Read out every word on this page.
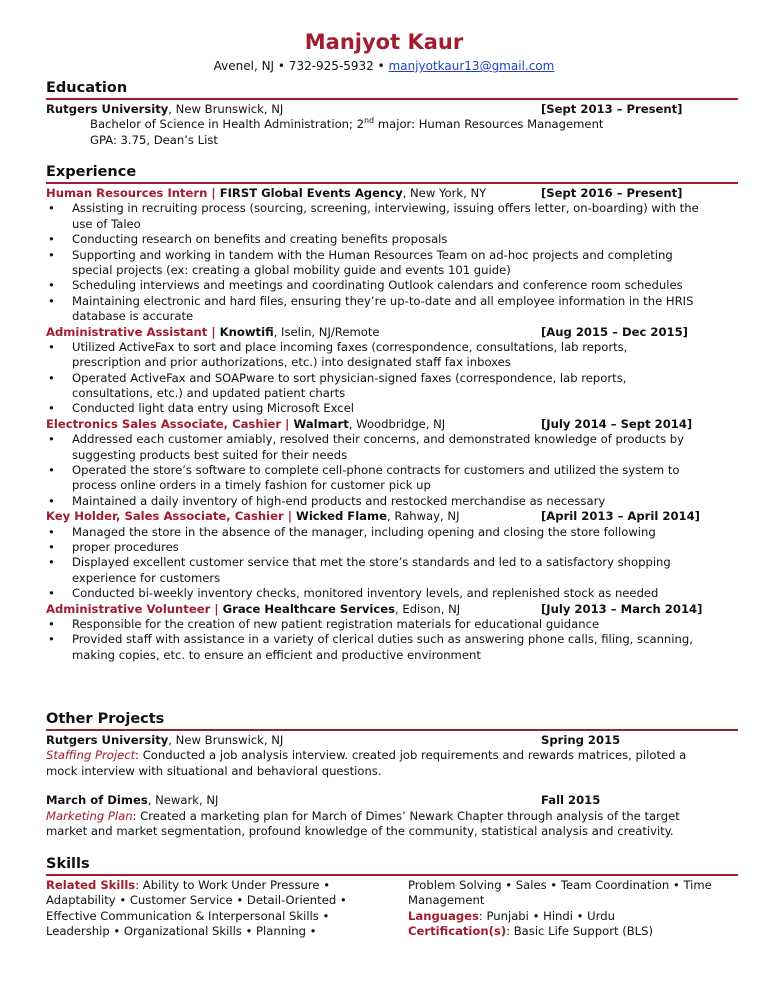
Manjyot Kaur
Avenel, NJ • 732-925-5932 • manjyotkaur13@gmail.com
Education
Rutgers University, New Brunswick, NJ	[Sept 2013 – Present]
Bachelor of Science in Health Administration; 2nd major: Human Resources Management
GPA: 3.75, Dean’s List
Experience
Human Resources Intern | FIRST Global Events Agency, New York, NY	[Sept 2016 – Present]
• Assisting in recruiting process (sourcing, screening, interviewing, issuing offers letter, on-boarding) with the
use of Taleo
• Conducting research on benefits and creating benefits proposals
• Supporting and working in tandem with the Human Resources Team on ad-hoc projects and completing
special projects (ex: creating a global mobility guide and events 101 guide)
• Scheduling interviews and meetings and coordinating Outlook calendars and conference room schedules
• Maintaining electronic and hard files, ensuring they’re up-to-date and all employee information in the HRIS
database is accurate
Administrative Assistant | Knowtifi, Iselin, NJ/Remote	[Aug 2015 – Dec 2015]
• Utilized ActiveFax to sort and place incoming faxes (correspondence, consultations, lab reports,
prescription and prior authorizations, etc.) into designated staff fax inboxes
• Operated ActiveFax and SOAPware to sort physician-signed faxes (correspondence, lab reports,
consultations, etc.) and updated patient charts
• Conducted light data entry using Microsoft Excel
Electronics Sales Associate, Cashier | Walmart, Woodbridge, NJ	[July 2014 – Sept 2014]
• Addressed each customer amiably, resolved their concerns, and demonstrated knowledge of products by
suggesting products best suited for their needs
• Operated the store’s software to complete cell-phone contracts for customers and utilized the system to
process online orders in a timely fashion for customer pick up
• Maintained a daily inventory of high-end products and restocked merchandise as necessary
Key Holder, Sales Associate, Cashier | Wicked Flame, Rahway, NJ	[April 2013 – April 2014]
• Managed the store in the absence of the manager, including opening and closing the store following
• proper procedures
• Displayed excellent customer service that met the store’s standards and led to a satisfactory shopping
experience for customers
• Conducted bi-weekly inventory checks, monitored inventory levels, and replenished stock as needed
Administrative Volunteer | Grace Healthcare Services, Edison, NJ	[July 2013 – March 2014]
• Responsible for the creation of new patient registration materials for educational guidance
• Provided staff with assistance in a variety of clerical duties such as answering phone calls, filing, scanning,
making copies, etc. to ensure an efficient and productive environment
Other Projects
Rutgers University, New Brunswick, NJ	Spring 2015
Staffing Project: Conducted a job analysis interview. created job requirements and rewards matrices, piloted a
mock interview with situational and behavioral questions.
March of Dimes, Newark, NJ	Fall 2015
Marketing Plan: Created a marketing plan for March of Dimes’ Newark Chapter through analysis of the target
market and market segmentation, profound knowledge of the community, statistical analysis and creativity.
Skills
Related Skills: Ability to Work Under Pressure •
Adaptability • Customer Service • Detail-Oriented •
Effective Communication & Interpersonal Skills •
Leadership • Organizational Skills • Planning •
Problem Solving • Sales • Team Coordination • Time
Management
Languages: Punjabi • Hindi • Urdu
Certification(s): Basic Life Support (BLS)
